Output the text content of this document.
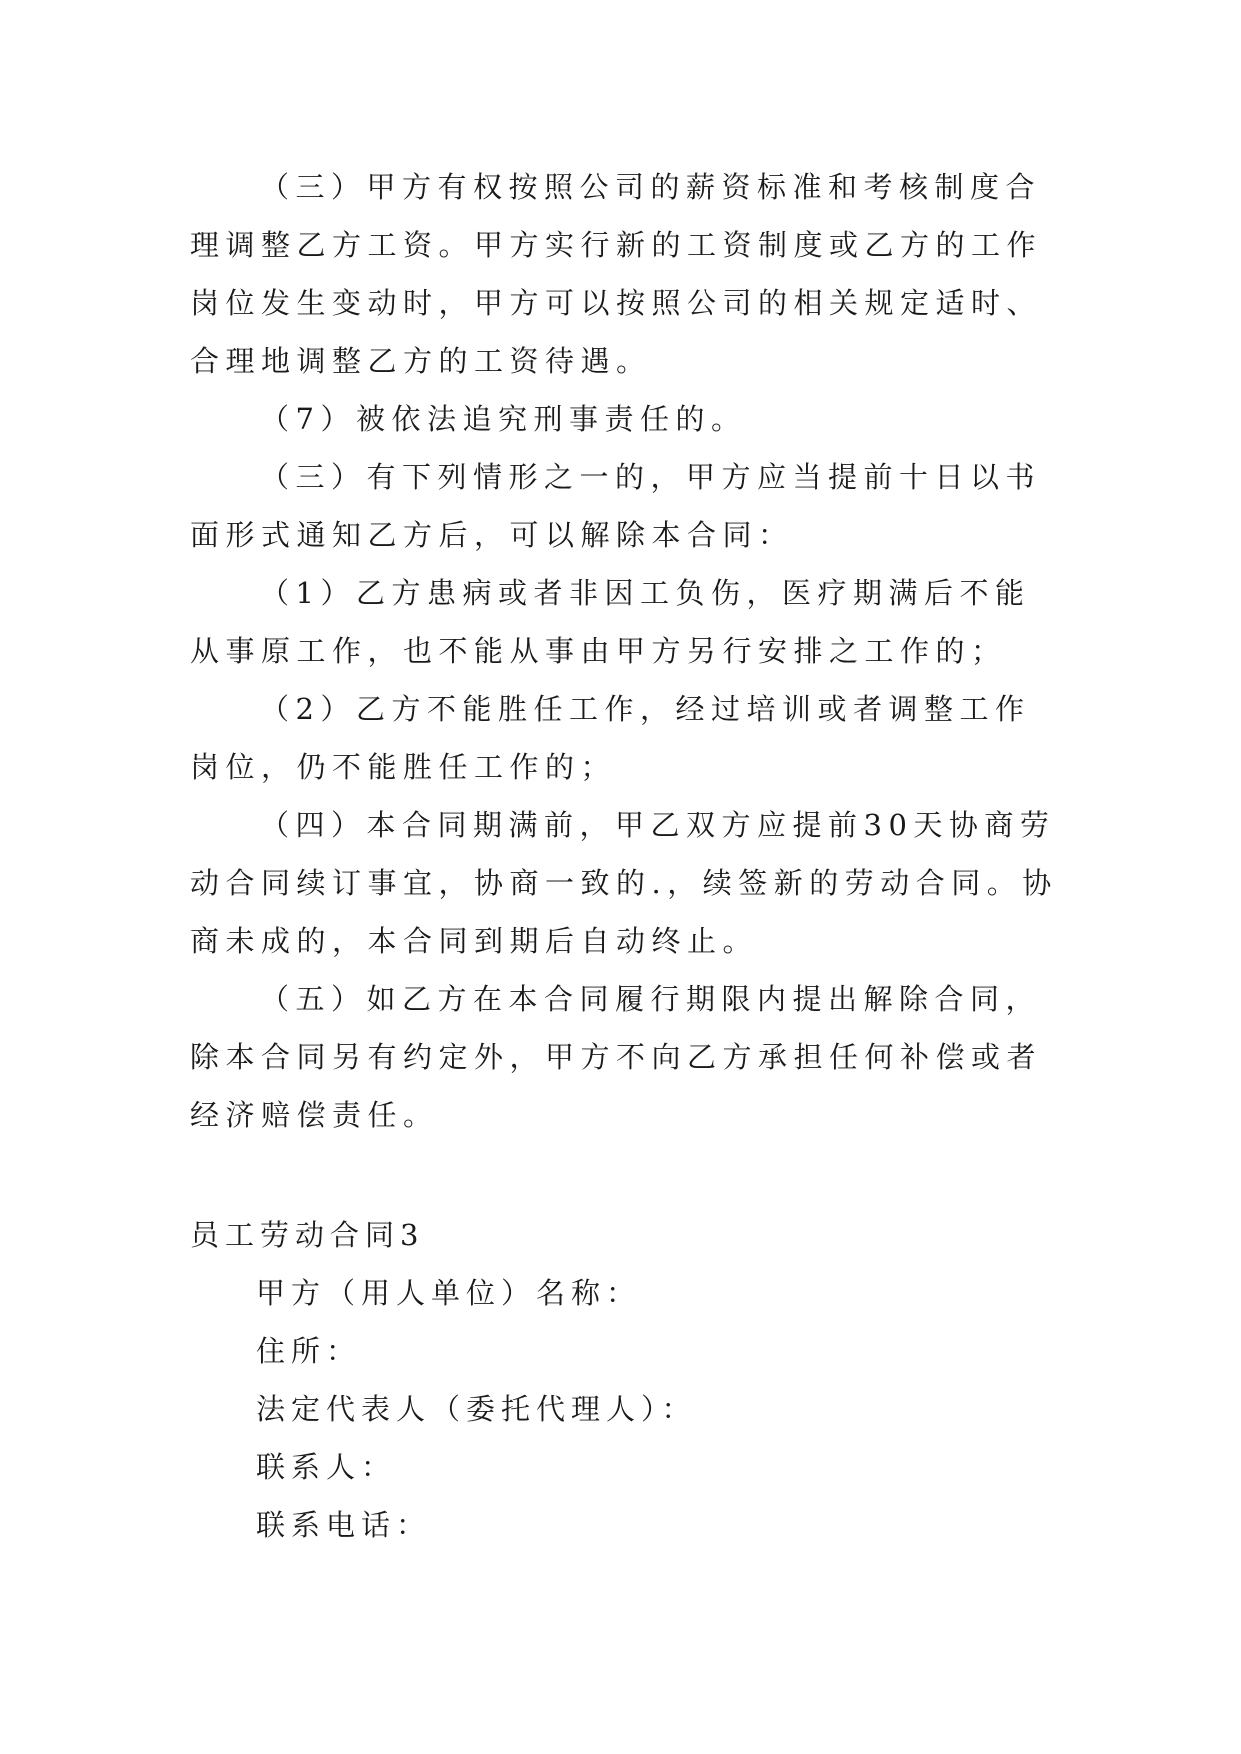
（三）甲方有权按照公司的薪资标准和考核制度合理调整乙方工资。甲方实行新的工资制度或乙方的工作岗位发生变动时，甲方可以按照公司的相关规定适时、合理地调整乙方的工资待遇。

（7）被依法追究刑事责任的。

（三）有下列情形之一的，甲方应当提前十日以书面形式通知乙方后，可以解除本合同：

（1）乙方患病或者非因工负伤，医疗期满后不能从事原工作，也不能从事由甲方另行安排之工作的；

（2）乙方不能胜任工作，经过培训或者调整工作岗位，仍不能胜任工作的；

（四）本合同期满前，甲乙双方应提前30天协商劳动合同续订事宜，协商一致的.，续签新的劳动合同。协商未成的，本合同到期后自动终止。

（五）如乙方在本合同履行期限内提出解除合同，除本合同另有约定外，甲方不向乙方承担任何补偿或者经济赔偿责任。

员工劳动合同3

甲方（用人单位）名称：

住所：

法定代表人（委托代理人）：

联系人：

联系电话：
